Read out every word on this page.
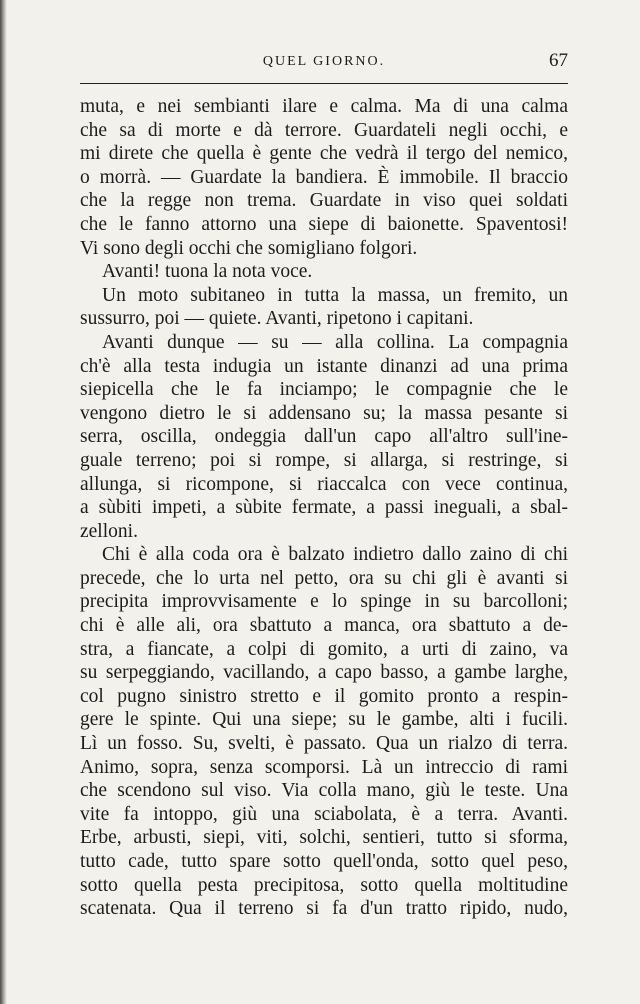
QUEL GIORNO.	67
muta, e nei sembianti ilare e calma. Ma di una calma
che sa di morte e dà terrore. Guardateli negli occhi, e
mi direte che quella è gente che vedrà il tergo del nemico,
o morrà. — Guardate la bandiera. È immobile. Il braccio
che la regge non trema. Guardate in viso quei soldati
che le fanno attorno una siepe di baionette. Spaventosi!
Vi sono degli occhi che somigliano folgori.
Avanti! tuona la nota voce.
Un moto subitaneo in tutta la massa, un fremito, un
sussurro, poi — quiete. Avanti, ripetono i capitani.
Avanti dunque — su — alla collina. La compagnia
ch'è alla testa indugia un istante dinanzi ad una prima
siepicella che le fa inciampo; le compagnie che le
vengono dietro le si addensano su; la massa pesante si
serra, oscilla, ondeggia dall'un capo all'altro sull'ine-
guale terreno; poi si rompe, si allarga, si restringe, si
allunga, si ricompone, si riaccalca con vece continua,
a sùbiti impeti, a sùbite fermate, a passi ineguali, a sbal-
zelloni.
Chi è alla coda ora è balzato indietro dallo zaino di chi
precede, che lo urta nel petto, ora su chi gli è avanti si
precipita improvvisamente e lo spinge in su barcolloni;
chi è alle ali, ora sbattuto a manca, ora sbattuto a de-
stra, a fiancate, a colpi di gomito, a urti di zaino, va
su serpeggiando, vacillando, a capo basso, a gambe larghe,
col pugno sinistro stretto e il gomito pronto a respin-
gere le spinte. Qui una siepe; su le gambe, alti i fucili.
Lì un fosso. Su, svelti, è passato. Qua un rialzo di terra.
Animo, sopra, senza scomporsi. Là un intreccio di rami
che scendono sul viso. Via colla mano, giù le teste. Una
vite fa intoppo, giù una sciabolata, è a terra. Avanti.
Erbe, arbusti, siepi, viti, solchi, sentieri, tutto si sforma,
tutto cade, tutto spare sotto quell'onda, sotto quel peso,
sotto quella pesta precipitosa, sotto quella moltitudine
scatenata. Qua il terreno si fa d'un tratto ripido, nudo,
